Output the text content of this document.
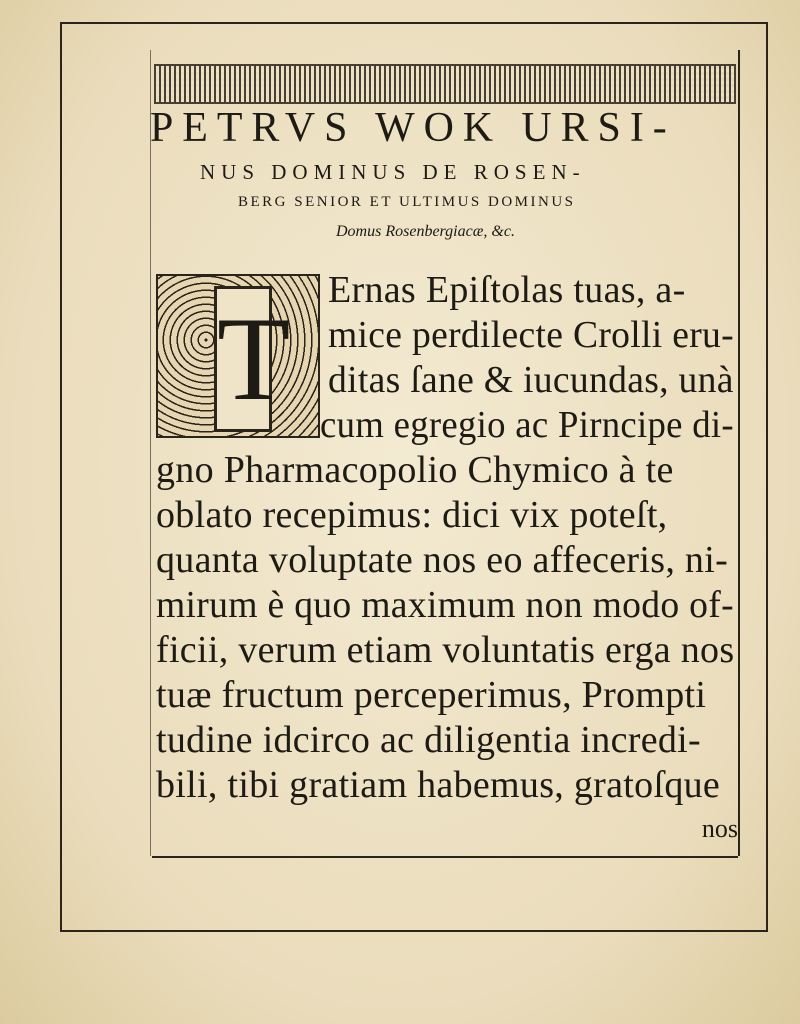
PETRVS WOK URSI-
NUS DOMINUS DE ROSEN-
BERG SENIOR ET ULTIMUS DOMINUS
Domus Rosenbergiacæ, &c.
T
Ernas Epiſtolas tuas, a-
mice perdilecte Crolli eru-
ditas ſane & iucundas, unà
cum egregio ac Pirncipe di-
gno Pharmacopolio Chymico à te
oblato recepimus: dici vix poteſt,
quanta voluptate nos eo affeceris, ni-
mirum è quo maximum non modo of-
ficii, verum etiam voluntatis erga nos
tuæ fructum perceperimus, Prompti
tudine idcirco ac diligentia incredi-
bili, tibi gratiam habemus, gratoſque
nos
